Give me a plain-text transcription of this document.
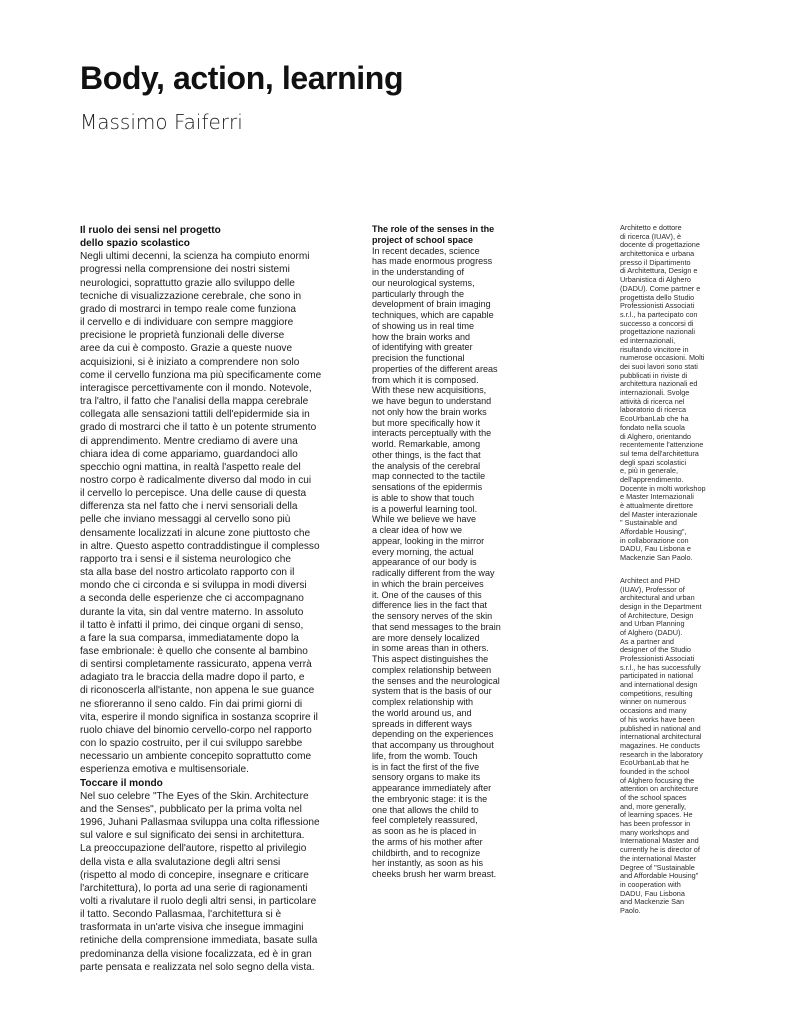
Body, action, learning

Massimo Faiferri

Il ruolo dei sensi nel progetto

dello spazio scolastico

Negli ultimi decenni, la scienza ha compiuto enormi
progressi nella comprensione dei nostri sistemi
neurologici, soprattutto grazie allo sviluppo delle
tecniche di visualizzazione cerebrale, che sono in
grado di mostrarci in tempo reale come funziona
il cervello e di individuare con sempre maggiore
precisione le proprietà funzionali delle diverse
aree da cui è composto. Grazie a queste nuove
acquisizioni, si è iniziato a comprendere non solo
come il cervello funziona ma più specificamente come
interagisce percettivamente con il mondo. Notevole,
tra l'altro, il fatto che l'analisi della mappa cerebrale
collegata alle sensazioni tattili dell'epidermide sia in
grado di mostrarci che il tatto è un potente strumento
di apprendimento. Mentre crediamo di avere una
chiara idea di come appariamo, guardandoci allo
specchio ogni mattina, in realtà l'aspetto reale del
nostro corpo è radicalmente diverso dal modo in cui
il cervello lo percepisce. Una delle cause di questa
differenza sta nel fatto che i nervi sensoriali della
pelle che inviano messaggi al cervello sono più
densamente localizzati in alcune zone piuttosto che
in altre. Questo aspetto contraddistingue il complesso
rapporto tra i sensi e il sistema neurologico che
sta alla base del nostro articolato rapporto con il
mondo che ci circonda e si sviluppa in modi diversi
a seconda delle esperienze che ci accompagnano
durante la vita, sin dal ventre materno. In assoluto
il tatto è infatti il primo, dei cinque organi di senso,
a fare la sua comparsa, immediatamente dopo la
fase embrionale: è quello che consente al bambino
di sentirsi completamente rassicurato, appena verrà
adagiato tra le braccia della madre dopo il parto, e
di riconoscerla all'istante, non appena le sue guance
ne sfioreranno il seno caldo. Fin dai primi giorni di
vita, esperire il mondo significa in sostanza scoprire il
ruolo chiave del binomio cervello-corpo nel rapporto
con lo spazio costruito, per il cui sviluppo sarebbe
necessario un ambiente concepito soprattutto come
esperienza emotiva e multisensoriale.

Toccare il mondo

Nel suo celebre "The Eyes of the Skin. Architecture
and the Senses", pubblicato per la prima volta nel
1996, Juhani Pallasmaa sviluppa una colta riflessione
sul valore e sul significato dei sensi in architettura.
La preoccupazione dell'autore, rispetto al privilegio
della vista e alla svalutazione degli altri sensi
(rispetto al modo di concepire, insegnare e criticare
l'architettura), lo porta ad una serie di ragionamenti
volti a rivalutare il ruolo degli altri sensi, in particolare
il tatto. Secondo Pallasmaa, l'architettura si è
trasformata in un'arte visiva che insegue immagini
retiniche della comprensione immediata, basate sulla
predominanza della visione focalizzata, ed è in gran
parte pensata e realizzata nel solo segno della vista.

The role of the senses in the

project of school space

In recent decades, science
has made enormous progress
in the understanding of
our neurological systems,
particularly through the
development of brain imaging
techniques, which are capable
of showing us in real time
how the brain works and
of identifying with greater
precision the functional
properties of the different areas
from which it is composed.
With these new acquisitions,
we have begun to understand
not only how the brain works
but more specifically how it
interacts perceptually with the
world. Remarkable, among
other things, is the fact that
the analysis of the cerebral
map connected to the tactile
sensations of the epidermis
is able to show that touch
is a powerful learning tool.
While we believe we have
a clear idea of how we
appear, looking in the mirror
every morning, the actual
appearance of our body is
radically different from the way
in which the brain perceives
it. One of the causes of this
difference lies in the fact that
the sensory nerves of the skin
that send messages to the brain
are more densely localized
in some areas than in others.
This aspect distinguishes the
complex relationship between
the senses and the neurological
system that is the basis of our
complex relationship with
the world around us, and
spreads in different ways
depending on the experiences
that accompany us throughout
life, from the womb. Touch
is in fact the first of the five
sensory organs to make its
appearance immediately after
the embryonic stage: it is the
one that allows the child to
feel completely reassured,
as soon as he is placed in
the arms of his mother after
childbirth, and to recognize
her instantly, as soon as his
cheeks brush her warm breast.
Architetto e dottore
di ricerca (IUAV), è
docente di progettazione
architettonica e urbana
presso il Dipartimento
di Architettura, Design e
Urbanistica di Alghero
(DADU). Come partner e
progettista dello Studio
Professionisti Associati
s.r.l., ha partecipato con
successo a concorsi di
progettazione nazionali
ed internazionali,
risultando vincitore in
numerose occasioni. Molti
dei suoi lavori sono stati
pubblicati in riviste di
architettura nazionali ed
internazionali. Svolge
attività di ricerca nel
laboratorio di ricerca
EcoUrbanLab che ha
fondato nella scuola
di Alghero, orientando
recentemente l'attenzione
sul tema dell'architettura
degli spazi scolastici
e, più in generale,
dell'apprendimento.
Docente in molti workshop
e Master Internazionali
è attualmente direttore
del Master interazionale
" Sustainable and
Affordable Housing",
in collaborazione con
DADU, Fau Lisbona e
Mackenzie San Paolo.
Architect and PHD
(IUAV), Professor of
architectural and urban
design in the Department
of Architecture, Design
and Urban Planning
of Alghero (DADU).
As a partner and
designer of the Studio
Professionisti Associati
s.r.l., he has successfully
participated in national
and international design
competitions, resulting
winner on numerous
occasions and many
of his works have been
published in national and
international architectural
magazines. He conducts
research in the laboratory
EcoUrbanLab that he
founded in the school
of Alghero focusing the
attention on architecture
of the school spaces
and, more generally,
of learning spaces. He
has been professor in
many workshops and
International Master and
currently he is director of
the international Master
Degree of "Sustainable
and Affordable Housing"
in cooperation with
DADU, Fau Lisbona
and Mackenzie San
Paolo.
